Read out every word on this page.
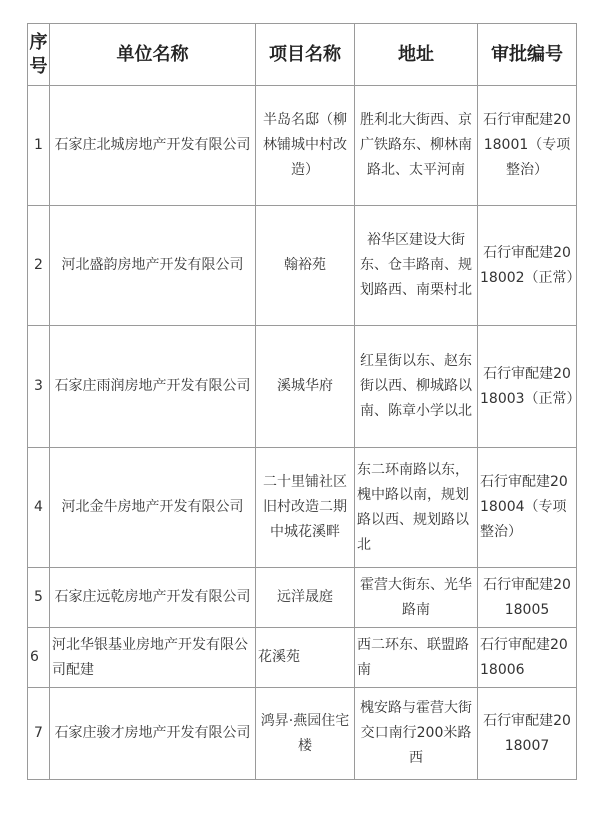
序号	单位名称	项目名称	地址	审批编号
1	石家庄北城房地产开发有限公司	半岛名邸（柳林铺城中村改造）	胜利北大街西、京广铁路东、柳林南路北、太平河南	石行审配建2018001（专项整治）
2	河北盛韵房地产开发有限公司	翰裕苑	裕华区建设大街东、仓丰路南、规划路西、南栗村北	石行审配建2018002（正常）
3	石家庄雨润房地产开发有限公司	溪城华府	红星街以东、赵东街以西、柳城路以南、陈章小学以北	石行审配建2018003（正常）
4	河北金牛房地产开发有限公司	二十里铺社区旧村改造二期中城花溪畔	东二环南路以东，槐中路以南，规划路以西、规划路以北	石行审配建2018004（专项整治）
5	石家庄远乾房地产开发有限公司	远洋晟庭	霍营大街东、光华路南	石行审配建2018005
6	河北华银基业房地产开发有限公司配建	花溪苑	西二环东、联盟路南	石行审配建2018006
7	石家庄骏才房地产开发有限公司	鸿昇·燕园住宅楼	槐安路与霍营大街交口南行200米路西	石行审配建2018007
